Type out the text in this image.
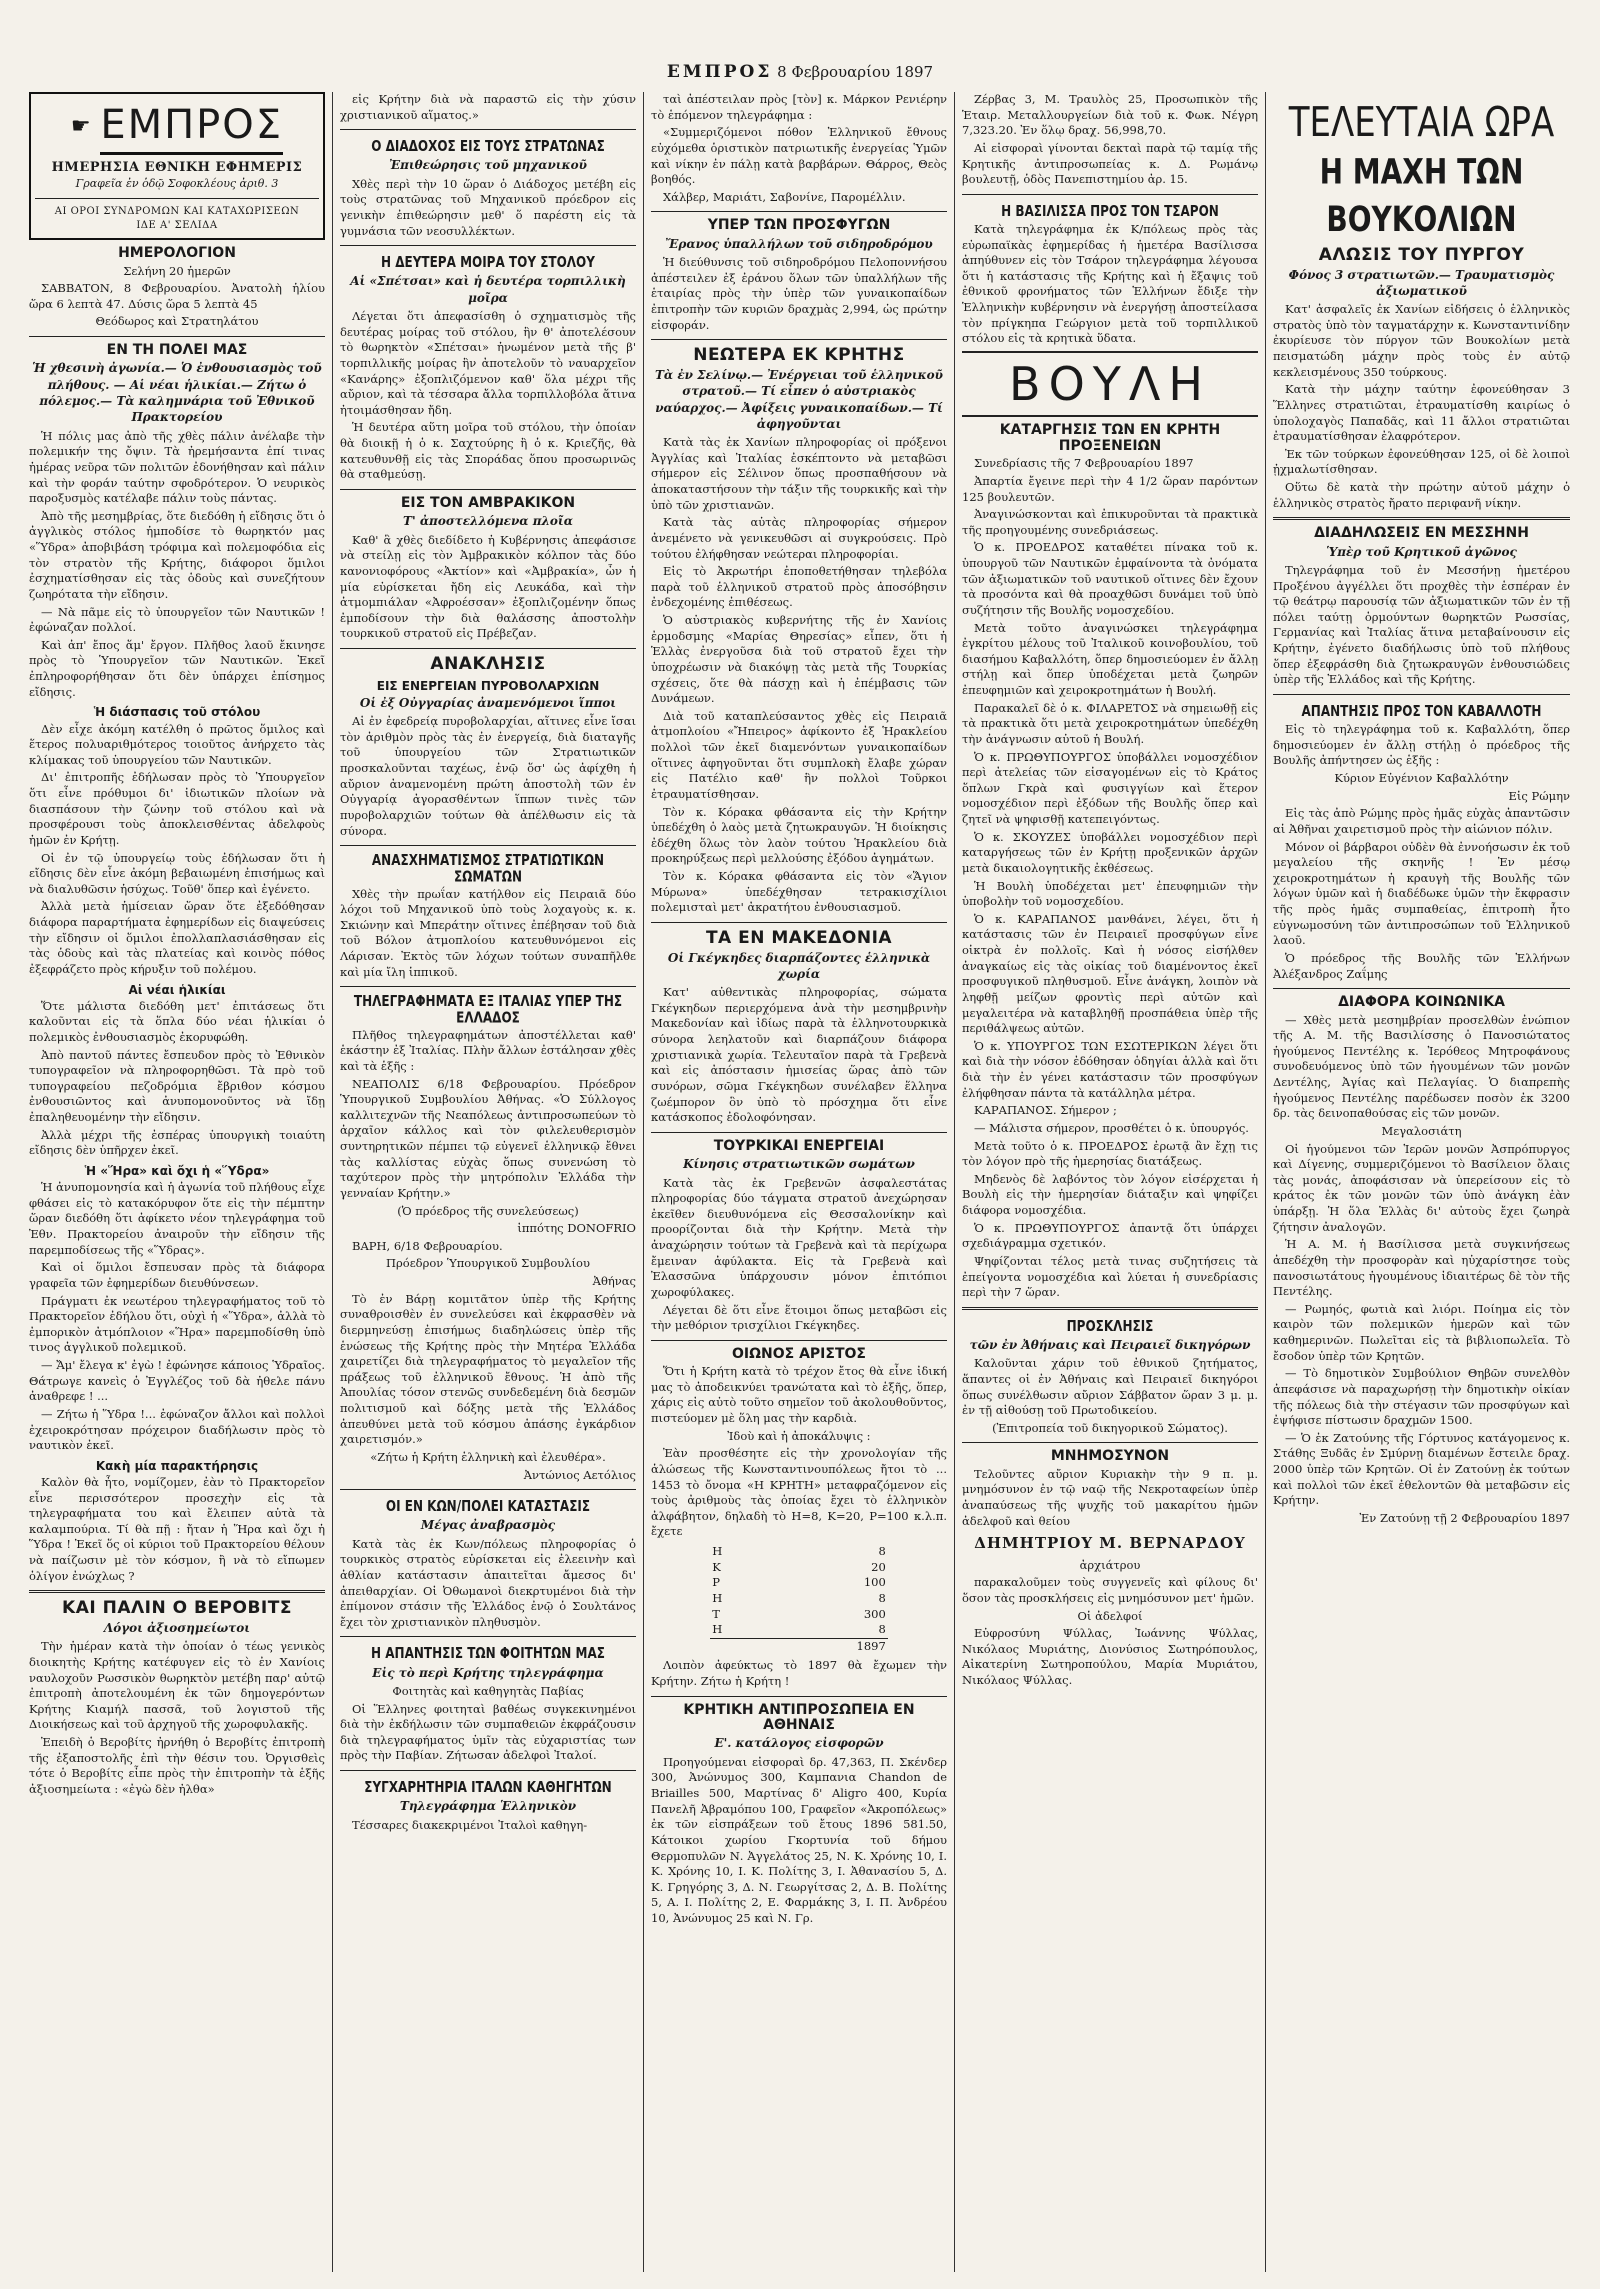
ΕΜΠΡΟΣ 8 Φεβρουαρίου 1897
☛ ΕΜΠΡΟΣ
ΗΜΕΡΗΣΙΑ ΕΘΝΙΚΗ ΕΦΗΜΕΡΙΣ
Γραφεῖα ἐν ὁδῷ Σοφοκλέους ἀριθ. 3
ΑΙ ΟΡΟΙ ΣΥΝΔΡΟΜΩΝ ΚΑΙ ΚΑΤΑΧΩΡΙΣΕΩΝ
ΙΔΕ Α' ΣΕΛΙΔΑ
ΗΜΕΡΟΛΟΓΙΟΝ

Σελήνη 20 ἡμερῶν

ΣΑΒΒΑΤΟΝ, 8 Φεβρουαρίου. Ἀνατολὴ ἡλίου ὥρα 6 λεπτὰ 47. Δύσις ὥρα 5 λεπτὰ 45

Θεόδωρος καὶ Στρατηλάτου

ΕΝ ΤΗ ΠΟΛΕΙ ΜΑΣ
Ἡ χθεσινὴ ἀγωνία.— Ὁ ἐνθουσιασμὸς τοῦ πλήθους. — Αἱ νέαι ἡλικίαι.— Ζήτω ὁ πόλεμος.— Τὰ καλημνάρια τοῦ Ἐθνικοῦ Πρακτορείου

Ἡ πόλις μας ἀπὸ τῆς χθὲς πάλιν ἀνέλαβε τὴν πολεμικήν της ὄψιν. Τὰ ἠρεμήσαντα ἐπί τινας ἡμέρας νεῦρα τῶν πολιτῶν ἐδονήθησαν καὶ πάλιν καὶ τὴν φοράν ταύτην σφοδρότερον. Ὁ νευρικὸς παροξυσμὸς κατέλαβε πάλιν τοὺς πάντας.

Ἀπὸ τῆς μεσημβρίας, ὅτε διεδόθη ἡ εἴδησις ὅτι ὁ ἀγγλικὸς στόλος ἠμποδίσε τὸ θωρηκτόν μας «Ὕδρα» ἀποβιβάση τρόφιμα καὶ πολεμοφόδια εἰς τὸν στρατὸν τῆς Κρήτης, διάφοροι ὅμιλοι ἐσχηματίσθησαν εἰς τὰς ὁδοὺς καὶ συνεζήτουν ζωηρότατα τὴν εἴδησιν.

— Νὰ πᾶμε εἰς τὸ ὑπουργεῖον τῶν Ναυτικῶν ! ἐφώναζαν πολλοί.

Καὶ ἀπ' ἔπος ἅμ' ἔργον. Πλῆθος λαοῦ ἔκινησε πρὸς τὸ Ὑπουργεῖον τῶν Ναυτικῶν. Ἐκεῖ ἐπληροφορήθησαν ὅτι δὲν ὑπάρχει ἐπίσημος εἴδησις.

Ἡ διάσπασις τοῦ στόλου

Δὲν εἶχε ἀκόμη κατέλθη ὁ πρῶτος ὅμιλος καὶ ἕτερος πολυαριθμότερος τοιοῦτος ἀνήρχετο τὰς κλίμακας τοῦ ὑπουργείου τῶν Ναυτικῶν.

Δι' ἐπιτροπῆς ἐδήλωσαν πρὸς τὸ Ὑπουργεῖον ὅτι εἶνε πρόθυμοι δι' ἰδιωτικῶν πλοίων νὰ διασπάσουν τὴν ζώνην τοῦ στόλου καὶ νὰ προσφέρουσι τοὺς ἀποκλεισθέντας ἀδελφοὺς ἡμῶν ἐν Κρήτῃ.

Οἱ ἐν τῷ ὑπουργείῳ τοὺς ἐδήλωσαν ὅτι ἡ εἴδησις δὲν εἶνε ἀκόμη βεβαιωμένη ἐπισήμως καὶ νὰ διαλυθῶσιν ἡσύχως. Τοῦθ' ὅπερ καὶ ἐγένετο.

Ἀλλὰ μετὰ ἡμίσειαν ὥραν ὅτε ἐξεδόθησαν διάφορα παραρτήματα ἐφημερίδων εἰς διαψεύσεις τὴν εἴδησιν οἱ ὅμιλοι ἐπολλαπλασιάσθησαν εἰς τὰς ὁδοὺς καὶ τὰς πλατείας καὶ κοινὸς πόθος ἐξεφράζετο πρὸς κήρυξιν τοῦ πολέμου.

Αἱ νέαι ἡλικίαι

Ὅτε μάλιστα διεδόθη μετ' ἐπιτάσεως ὅτι καλοῦνται εἰς τὰ ὅπλα δύο νέαι ἡλικίαι ὁ πολεμικὸς ἐνθουσιασμὸς ἐκορυφώθη.

Ἀπὸ παντοῦ πάντες ἔσπευδον πρὸς τὸ Ἐθνικὸν τυπογραφεῖον νὰ πληροφορηθῶσι. Τὰ πρὸ τοῦ τυπογραφείου πεζοδρόμια ἔβριθον κόσμου ἐνθουσιῶντος καὶ ἀνυπομονοῦντος νὰ ἴδῃ ἐπαληθευομένην τὴν εἴδησιν.

Ἀλλὰ μέχρι τῆς ἐσπέρας ὑπουργικὴ τοιαύτη εἴδησις δὲν ὑπῆρχεν ἐκεῖ.

Ἡ «Ἥρα» καὶ ὄχι ἡ «Ὕδρα»

Ἡ ἀνυπομονησία καὶ ἡ ἀγωνία τοῦ πλήθους εἶχε φθάσει εἰς τὸ κατακόρυφον ὅτε εἰς τὴν πέμπτην ὥραν διεδόθη ὅτι ἀφίκετο νέον τηλεγράφημα τοῦ Ἐθν. Πρακτορείου ἀναιροῦν τὴν εἴδησιν τῆς παρεμποδίσεως τῆς «Ὕδρας».

Καὶ οἱ ὅμιλοι ἔσπευσαν πρὸς τὰ διάφορα γραφεῖα τῶν ἐφημερίδων διευθύνσεων.

Πράγματι ἐκ νεωτέρου τηλεγραφήματος τοῦ τὸ Πρακτορεῖον ἐδήλου ὅτι, οὐχὶ ἡ «Ὕδρα», ἀλλὰ τὸ ἐμπορικὸν ἀτμόπλοιον «Ἥρα» παρεμποδίσθη ὑπὸ τινος ἀγγλικοῦ πολεμικοῦ.

— Ἄμ' ἔλεγα κ' ἐγὼ ! ἐφώνησε κάποιος Ὑδραῖος. Θάτρωγε κανεὶς ὁ Ἐγγλέζος τοῦ δὰ ἠθελε πάνυ ἀναθρεφε ! ...

— Ζήτω ἡ Ὕδρα !... ἐφώναζον ἄλλοι καὶ πολλοὶ ἐχειροκρότησαν πρόχειρον διαδήλωσιν πρὸς τὸ ναυτικὸν ἐκεῖ.

Κακὴ μία παρακτήρησις

Καλὸν θὰ ἦτο, νομίζομεν, ἐὰν τὸ Πρακτορεῖον εἶνε περισσότερον προσεχὴν εἰς τὰ τηλεγραφήματα του καὶ ἔλειπεν αὐτὰ τὰ καλαμπούρια. Τί θὰ πῇ : ἤταν ἡ Ἥρα καὶ ὄχι ἡ Ὕδρα ! Ἐκεῖ ὅς οἱ κύριοι τοῦ Πρακτορείου θέλουν νὰ παίζωσιν μὲ τὸν κόσμον, ἢ νὰ τὸ εἴπωμεν ὁλίγον ἐνώχλως ?

ΚΑΙ ΠΑΛΙΝ Ο ΒΕΡΟΒΙΤΣ
Λόγοι ἀξιοσημείωτοι

Τὴν ἡμέραν κατὰ τὴν ὁποίαν ὁ τέως γενικὸς διοικητὴς Κρήτης κατέφυγεν εἰς τὸ ἐν Χανίοις ναυλοχοῦν Ρωσσικὸν θωρηκτὸν μετέβη παρ' αὐτῷ ἐπιτροπὴ ἀποτελουμένη ἐκ τῶν δημογερόντων Κρήτης Κιαμήλ πασσᾶ, τοῦ λογιστοῦ τῆς Διοικήσεως καὶ τοῦ ἀρχηγοῦ τῆς χωροφυλακῆς.

Ἐπειδὴ ὁ Βεροβίτς ἠρνήθη ὁ Βεροβίτς ἐπιτροπὴ τῆς ἐξαποστολῆς ἐπὶ τὴν θέσιν του. Ὀργισθεὶς τότε ὁ Βεροβίτς εἶπε πρὸς τὴν ἐπιτροπὴν τὰ ἑξῆς ἀξιοσημείωτα : «ἐγὼ δὲν ἠλθα»

εἰς Κρήτην διὰ νὰ παραστῶ εἰς τὴν χύσιν χριστιανικοῦ αἵματος.»

Ο ΔΙΑΔΟΧΟΣ ΕΙΣ ΤΟΥΣ ΣΤΡΑΤΩΝΑΣ
Ἐπιθεώρησις τοῦ μηχανικοῦ

Χθὲς περὶ τὴν 10 ὥραν ὁ Διάδοχος μετέβη εἰς τοὺς στρατῶνας τοῦ Μηχανικοῦ πρόεδρον εἰς γενικὴν ἐπιθεώρησιν μεθ' ὅ παρέστη εἰς τὰ γυμνάσια τῶν νεοσυλλέκτων.

Η ΔΕΥΤΕΡΑ ΜΟΙΡΑ ΤΟΥ ΣΤΟΛΟΥ
Αἱ «Σπέτσαι» καὶ ἡ δευτέρα τορπιλλικὴ μοῖρα

Λέγεται ὅτι ἀπεφασίσθη ὁ σχηματισμὸς τῆς δευτέρας μοίρας τοῦ στόλου, ἣν θ' ἀποτελέσουν τὸ θωρηκτὸν «Σπέτσαι» ἡνωμένον μετὰ τῆς β' τορπιλλικῆς μοίρας ἣν ἀποτελοῦν τὸ ναυαρχεῖον «Κανάρης» ἐξοπλιζόμενον καθ' ὅλα μέχρι τῆς αὔριον, καὶ τὰ τέσσαρα ἄλλα τορπιλλοβόλα ἅτινα ἠτοιμάσθησαν ἤδη.

Ἡ δευτέρα αὕτη μοῖρα τοῦ στόλου, τὴν ὁποίαν θὰ διοικῇ ἡ ὁ κ. Σαχτούρης ἢ ὁ κ. Κριεζῆς, θὰ κατευθυνθῇ εἰς τὰς Σποράδας ὅπου προσωρινῶς θὰ σταθμεύσῃ.

ΕΙΣ ΤΟΝ ΑΜΒΡΑΚΙΚΟΝ
Τ' ἀποστελλόμενα πλοῖα

Καθ' ἃ χθὲς διεδίδετο ἡ Κυβέρνησις ἀπεφάσισε νὰ στείλῃ εἰς τὸν Ἀμβρακικὸν κόλπον τὰς δύο κανονιοφόρους «Ἀκτίον» καὶ «Ἀμβρακία», ὧν ἡ μία εὑρίσκεται ἤδη εἰς Λευκάδα, καὶ τὴν ἀτμομπιάλαν «Ἀφροέσσαν» ἐξοπλιζομένην ὅπως ἐμποδίσουν τὴν διὰ θαλάσσης ἀποστολὴν τουρκικοῦ στρατοῦ εἰς Πρέβεζαν.

ΑΝΑΚΛΗΣΙΣ
ΕΙΣ ΕΝΕΡΓΕΙΑΝ ΠΥΡΟΒΟΛΑΡΧΙΩΝ
Οἱ ἐξ Οὐγγαρίας ἀναμενόμενοι ἵπποι

Αἱ ἐν ἐφεδρείᾳ πυροβολαρχίαι, αἵτινες εἶνε ἴσαι τὸν ἀριθμὸν πρὸς τὰς ἐν ἐνεργείᾳ, διὰ διαταγῆς τοῦ ὑπουργείου τῶν Στρατιωτικῶν προσκαλοῦνται ταχέως, ἐνῷ ὅσ' ὡς ἀφίχθη ἡ αὔριον ἀναμενομένη πρώτη ἀποστολὴ τῶν ἐν Οὐγγαρίᾳ ἀγορασθέντων ἵππων τινὲς τῶν πυροβολαρχιῶν τούτων θὰ ἀπέλθωσιν εἰς τὰ σύνορα.

ΑΝΑΣΧΗΜΑΤΙΣΜΟΣ ΣΤΡΑΤΙΩΤΙΚΩΝ ΣΩΜΑΤΩΝ

Χθὲς τὴν πρωΐαν κατήλθον εἰς Πειραιᾶ δύο λόχοι τοῦ Μηχανικοῦ ὑπὸ τοὺς λοχαγοὺς κ. κ. Σκιώνην καὶ Μπεράτην οἵτινες ἐπέβησαν τοῦ διὰ τοῦ Βόλον ἀτμοπλοίου κατευθυνόμενοι εἰς Λάρισαν. Ἐκτὸς τῶν λόχων τούτων συναπῆλθε καὶ μία ἴλη ἱππικοῦ.

ΤΗΛΕΓΡΑΦΗΜΑΤΑ ΕΞ ΙΤΑΛΙΑΣ ΥΠΕΡ ΤΗΣ ΕΛΛΑΔΟΣ

Πλῆθος τηλεγραφημάτων ἀποστέλλεται καθ' ἑκάστην ἐξ Ἰταλίας. Πλὴν ἄλλων ἐστάλησαν χθὲς καὶ τὰ ἑξῆς :

ΝΕΑΠΟΛΙΣ 6/18 Φεβρουαρίου. Πρόεδρον Ὑπουργικοῦ Συμβουλίου Ἀθήνας. «Ὁ Σύλλογος καλλιτεχνῶν τῆς Νεαπόλεως ἀντιπροσωπεύων τὸ ἀρχαῖον κάλλος καὶ τὸν φιλελευθερισμὸν συντηρητικῶν πέμπει τῷ εὐγενεῖ ἑλληνικῷ ἔθνει τὰς καλλίστας εὐχὰς ὅπως συνενώση τὸ ταχύτερον πρὸς τὴν μητρόπολιν Ἑλλάδα τὴν γενναίαν Κρήτην.»

(Ὁ πρόεδρος τῆς συνελεύσεως)

ἱππότης DONOFRIO

ΒΑΡΗ, 6/18 Φεβρουαρίου.

Πρόεδρον Ὑπουργικοῦ Συμβουλίου

Ἀθήνας

Τὸ ἐν Βάρῃ κομιτᾶτον ὑπὲρ τῆς Κρήτης συναθροισθὲν ἐν συνελεύσει καὶ ἐκφρασθὲν νὰ διερμηνεύσῃ ἐπισήμως διαδηλώσεις ὑπὲρ τῆς ἑνώσεως τῆς Κρήτης πρὸς τὴν Μητέρα Ἑλλάδα χαιρετίζει διὰ τηλεγραφήματος τὸ μεγαλεῖον τῆς πράξεως τοῦ ἐλληνικοῦ ἔθνους. Ἡ ἀπὸ τῆς Ἀπουλίας τόσον στενῶς συνδεδεμένη διὰ δεσμῶν πολιτισμοῦ καὶ δόξης μετὰ τῆς Ἑλλάδος ἀπευθύνει μετὰ τοῦ κόσμου ἁπάσης ἐγκάρδιον χαιρετισμόν.»

«Ζήτω ἡ Κρήτη ἑλληνικὴ καὶ ἐλευθέρα».

Ἀντώνιος Αετόλιος

ΟΙ ΕΝ ΚΩΝ/ΠΟΛΕΙ ΚΑΤΑΣΤΑΣΙΣ
Μέγας ἀναβρασμὸς

Κατὰ τὰς ἐκ Κων/πόλεως πληροφορίας ὁ τουρκικὸς στρατὸς εὑρίσκεται εἰς ἐλεεινὴν καὶ ἀθλίαν κατάστασιν ἀπαιτεῖται ἄμεσος δι' ἀπειθαρχίαν. Οἱ Ὀθωμανοὶ διεκρτυμένοι διὰ τὴν ἐπίμονον στάσιν τῆς Ἑλλάδος ἐνῷ ὁ Σουλτάνος ἔχει τὸν χριστιανικὸν πληθυσμὸν.

Η ΑΠΑΝΤΗΣΙΣ ΤΩΝ ΦΟΙΤΗΤΩΝ ΜΑΣ
Εἰς τὸ περὶ Κρήτης τηλεγράφημα

Φοιτητὰς καὶ καθηγητὰς Παβίας

Οἱ Ἕλληνες φοιτηταὶ βαθέως συγκεκινημένοι διὰ τὴν ἐκδήλωσιν τῶν συμπαθειῶν ἐκφράζουσιν διὰ τηλεγραφήματος ὑμῖν τὰς εὐχαριστίας των πρὸς τὴν Παβίαν. Ζήτωσαν ἀδελφοὶ Ἰταλοί.

ΣΥΓΧΑΡΗΤΗΡΙΑ ΙΤΑΛΩΝ ΚΑΘΗΓΗΤΩΝ
Τηλεγράφημα Ἑλληνικὸν

Τέσσαρες διακεκριμένοι Ἰταλοὶ καθηγη-

ταὶ ἀπέστειλαν πρὸς [τὸν] κ. Μάρκον Ρενιέρην τὸ ἑπόμενον τηλεγράφημα :

«Συμμεριζόμενοι πόθον Ἑλληνικοῦ ἔθνους εὐχόμεθα ὁριστικὸν πατριωτικῆς ἐνεργείας Ὑμῶν καὶ νίκην ἐν πάλῃ κατὰ βαρβάρων. Θάρρος, Θεὸς βοηθός.

Χάλβερ, Μαριάτι, Σαβονίνε, Παρομέλλιν.

ΥΠΕΡ ΤΩΝ ΠΡΟΣΦΥΓΩΝ
Ἔρανος ὑπαλλήλων τοῦ σιδηροδρόμου

Ἡ διεύθυνσις τοῦ σιδηροδρόμου Πελοποννήσου ἀπέστειλεν ἐξ ἐράνου ὅλων τῶν ὑπαλλήλων τῆς ἑταιρίας πρὸς τὴν ὑπὲρ τῶν γυναικοπαίδων ἐπιτροπὴν τῶν κυριῶν δραχμὰς 2,994, ὡς πρώτην εἰσφοράν.

ΝΕΩΤΕΡΑ ΕΚ ΚΡΗΤΗΣ
Τὰ ἐν Σελίνῳ.— Ἐνέργειαι τοῦ ἑλληνικοῦ στρατοῦ.— Τί εἶπεν ὁ αὐστριακὸς ναύαρχος.— Ἀφίξεις γυναικοπαίδων.— Τί ἀφηγοῦνται

Κατὰ τὰς ἐκ Χανίων πληροφορίας οἱ πρόξενοι Ἀγγλίας καὶ Ἰταλίας ἐσκέπτοντο νὰ μεταβῶσι σήμερον εἰς Σέλινον ὅπως προσπαθήσουν νὰ ἀποκαταστήσουν τὴν τάξιν τῆς τουρκικῆς καὶ τὴν ὑπὸ τῶν χριστιανῶν.

Κατὰ τὰς αὐτὰς πληροφορίας σήμερον ἀνεμένετο νὰ γενικευθῶσι αἱ συγκρούσεις. Πρὸ τούτου ἐλήφθησαν νεώτεραι πληροφορίαι.

Εἰς τὸ Ἀκρωτήρι ἐποποθετήθησαν τηλεβόλα παρὰ τοῦ ἑλληνικοῦ στρατοῦ πρὸς ἀποσόβησιν ἐνδεχομένης ἐπιθέσεως.

Ὁ αὐστριακὸς κυβερνήτης τῆς ἐν Χανίοις ἐρμοδσμης «Μαρίας Θηρεσίας» εἶπεν, ὅτι ἡ Ἑλλὰς ἐνεργοῦσα διὰ τοῦ στρατοῦ ἔχει τὴν ὑποχρέωσιν νὰ διακόψῃ τὰς μετὰ τῆς Τουρκίας σχέσεις, ὅτε θὰ πάσχῃ καὶ ἡ ἐπέμβασις τῶν Δυνάμεων.

Διὰ τοῦ καταπλεύσαντος χθὲς εἰς Πειραιᾶ ἀτμοπλοίου «Ἤπειρος» ἀφίκοντο ἐξ Ἡρακλείου πολλοὶ τῶν ἐκεῖ διαμενόντων γυναικοπαίδων οἵτινες ἀφηγοῦνται ὅτι συμπλοκὴ ἔλαβε χώραν εἰς Πατέλιο καθ' ἣν πολλοὶ Τοῦρκοι ἐτραυματίσθησαν.

Τὸν κ. Κόρακα φθάσαντα εἰς τὴν Κρήτην ὑπεδέχθη ὁ λαὸς μετὰ ζητωκραυγῶν. Ἡ διοίκησις ἐδέχθη ὅλως τὸν λαὸν τούτου Ἡρακλείου διὰ προκηρύξεως περὶ μελλούσης ἐξόδου ἀγημάτων.

Τὸν κ. Κόρακα φθάσαντα εἰς τὸν «Ἅγιον Μύρωνα» ὑπεδέχθησαν τετρακισχίλιοι πολεμισταὶ μετ' ἀκρατήτου ἐνθουσιασμοῦ.

ΤΑ ΕΝ ΜΑΚΕΔΟΝΙΑ
Οἱ Γκέγκηδες διαρπάζοντες ἑλληνικὰ χωρία

Κατ' αὐθεντικὰς πληροφορίας, σώματα Γκέγκηδων περιερχόμενα ἀνὰ τὴν μεσημβρινὴν Μακεδονίαν καὶ ἰδίως παρὰ τὰ ἑλληνοτουρκικὰ σύνορα λεηλατοῦν καὶ διαρπάζουν διάφορα χριστιανικὰ χωρία. Τελευταῖον παρὰ τὰ Γρεβενὰ καὶ εἰς ἀπόστασιν ἡμισείας ὥρας ἀπὸ τῶν συνόρων, σῶμα Γκέγκηδων συνέλαβεν ἕλληνα ζωέμπορον ὃν ὑπὸ τὸ πρόσχημα ὅτι εἶνε κατάσκοπος ἐδολοφόνησαν.

ΤΟΥΡΚΙΚΑΙ ΕΝΕΡΓΕΙΑΙ
Κίνησις στρατιωτικῶν σωμάτων

Κατὰ τὰς ἐκ Γρεβενῶν ἀσφαλεστάτας πληροφορίας δύο τάγματα στρατοῦ ἀνεχώρησαν ἐκεῖθεν διευθυνόμενα εἰς Θεσσαλονίκην καὶ προορίζονται διὰ τὴν Κρήτην. Μετὰ τὴν ἀναχώρησιν τούτων τὰ Γρεβενὰ καὶ τὰ περίχωρα ἔμειναν ἀφύλακτα. Εἰς τὰ Γρεβενὰ καὶ Ἐλασσῶνα ὑπάρχουσιν μόνον ἐπιτόπιοι χωροφύλακες.

Λέγεται δὲ ὅτι εἶνε ἕτοιμοι ὅπως μεταβῶσι εἰς τὴν μεθόριον τρισχίλιοι Γκέγκηδες.

ΟΙΩΝΟΣ ΑΡΙΣΤΟΣ

Ὅτι ἡ Κρήτη κατὰ τὸ τρέχον ἔτος θὰ εἶνε ἰδική μας τὸ ἀποδεικνύει τρανώτατα καὶ τὸ ἑξῆς, ὅπερ, χάρις εἰς αὐτὸ τοῦτο σημεῖον τοῦ ἀκολουθοῦντος, πιστεύομεν μὲ ὅλη μας τὴν καρδιὰ.

Ἰδοὺ καὶ ἡ ἀποκάλυψις :

Ἐὰν προσθέσητε εἰς τὴν χρονολογίαν τῆς ἁλώσεως τῆς Κωνσταντινουπόλεως ἤτοι τὸ ... 1453 τὸ ὄνομα «Η ΚΡΗΤΗ» μεταφραζόμενον εἰς τοὺς ἀριθμοὺς τὰς ὁποίας ἔχει τὸ ἑλληνικὸν ἀλφάβητον, δηλαδὴ τὸ Η=8, Κ=20, Ρ=100 κ.λ.π. ἔχετε

Η	8
Κ	20
Ρ	100
Η	8
Τ	300
Η	8
	1897

Λοιπὸν ἀφεύκτως τὸ 1897 θὰ ἔχωμεν τὴν Κρήτην. Ζήτω ἡ Κρήτη !

ΚΡΗΤΙΚΗ ΑΝΤΙΠΡΟΣΩΠΕΙΑ ΕΝ ΑΘΗΝΑΙΣ
Ε'. κατάλογος εἰσφορῶν

Προηγούμεναι εἰσφοραὶ δρ. 47,363, Π. Σκένδερ 300, Ἀνώνυμος 300, Καμπανια Chandon de Briailles 500, Μαρτίνας δ' Aligro 400, Κυρία Πανελῆ Ἀβραμόπου 100, Γραφεῖον «Ἀκροπόλεως» ἐκ τῶν εἰσπράξεων τοῦ ἔτους 1896 581.50, Κάτοικοι χωρίου Γκορτυνία τοῦ δήμου Θερμοπυλῶν Ν. Ἀγγελάτος 25, Ν. Κ. Χρόνης 10, Ι. Κ. Χρόνης 10, Ι. Κ. Πολίτης 3, Ι. Ἀθανασίου 5, Δ. Κ. Γρηγόρης 3, Δ. Ν. Γεωργίτσας 2, Δ. Β. Πολίτης 5, Α. Ι. Πολίτης 2, Ε. Φαρμάκης 3, Ι. Π. Ἀνδρέου 10, Ἀνώνυμος 25 καὶ Ν. Γρ.

Ζέρβας 3, Μ. Τραυλὸς 25, Προσωπικὸν τῆς Ἑταιρ. Μεταλλουργείων διὰ τοῦ κ. Φωκ. Νέγρη 7,323.20. Ἐν ὅλῳ δραχ. 56,998,70.

Αἱ εἰσφοραὶ γίνονται δεκταὶ παρὰ τῷ ταμίᾳ τῆς Κρητικῆς ἀντιπροσωπείας κ. Δ. Ρωμάνῳ βουλευτῇ, ὁδὸς Πανεπιστημίου ἀρ. 15.

Η ΒΑΣΙΛΙΣΣΑ ΠΡΟΣ ΤΟΝ ΤΣΑΡΟΝ

Κατὰ τηλεγράφημα ἐκ Κ/πόλεως πρὸς τὰς εὐρωπαϊκὰς ἐφημερίδας ἡ ἡμετέρα Βασίλισσα ἀπηύθυνεν εἰς τὸν Τσάρον τηλεγράφημα λέγουσα ὅτι ἡ κατάστασις τῆς Κρήτης καὶ ἡ ἔξαψις τοῦ ἐθνικοῦ φρονήματος τῶν Ἑλλήνων ἔδιξε τὴν Ἑλληνικὴν κυβέρνησιν νὰ ἐνεργήσῃ ἀποστείλασα τὸν πρίγκηπα Γεώργιον μετὰ τοῦ τορπιλλικοῦ στόλου εἰς τὰ κρητικὰ ὕδατα.

ΒΟΥΛΗ
ΚΑΤΑΡΓΗΣΙΣ ΤΩΝ ΕΝ ΚΡΗΤΗ ΠΡΟΞΕΝΕΙΩΝ

Συνεδρίασις τῆς 7 Φεβρουαρίου 1897

Ἀπαρτία ἔγεινε περὶ τὴν 4 1/2 ὥραν παρόντων 125 βουλευτῶν.

Ἀναγινώσκονται καὶ ἐπικυροῦνται τὰ πρακτικὰ τῆς προηγουμένης συνεδριάσεως.

Ὁ κ. ΠΡΟΕΔΡΟΣ καταθέτει πίνακα τοῦ κ. ὑπουργοῦ τῶν Ναυτικῶν ἐμφαίνοντα τὰ ὀνόματα τῶν ἀξιωματικῶν τοῦ ναυτικοῦ οἵτινες δὲν ἔχουν τὰ προσόντα καὶ θὰ προαχθῶσι δυνάμει τοῦ ὑπὸ συζήτησιν τῆς Βουλῆς νομοσχεδίου.

Μετὰ τοῦτο ἀναγινώσκει τηλεγράφημα ἐγκρίτου μέλους τοῦ Ἰταλικοῦ κοινοβουλίου, τοῦ διασήμου Καβαλλότη, ὅπερ δημοσιεύομεν ἐν ἄλλῃ στήλῃ καὶ ὅπερ ὑποδέχεται μετὰ ζωηρῶν ἐπευφημιῶν καὶ χειροκροτημάτων ἡ Βουλή.

Παρακαλεῖ δὲ ὁ κ. ΦΙΛΑΡΕΤΟΣ νὰ σημειωθῇ εἰς τὰ πρακτικὰ ὅτι μετὰ χειροκροτημάτων ὑπεδέχθη τὴν ἀνάγνωσιν αὐτοῦ ἡ Βουλή.

Ὁ κ. ΠΡΩΘΥΠΟΥΡΓΟΣ ὑποβάλλει νομοσχέδιον περὶ ἀτελείας τῶν εἰσαγομένων εἰς τὸ Κράτος ὅπλων Γκρὰ καὶ φυσιγγίων καὶ ἕτερον νομοσχέδιον περὶ ἐξόδων τῆς Βουλῆς ὅπερ καὶ ζητεῖ νὰ ψηφισθῇ κατεπειγόντως.

Ὁ κ. ΣΚΟΥΖΕΣ ὑποβάλλει νομοσχέδιον περὶ καταργήσεως τῶν ἐν Κρήτῃ προξενικῶν ἀρχῶν μετὰ δικαιολογητικῆς ἐκθέσεως.

Ἡ Βουλὴ ὑποδέχεται μετ' ἐπευφημιῶν τὴν ὑποβολὴν τοῦ νομοσχεδίου.

Ὁ κ. ΚΑΡΑΠΑΝΟΣ μανθάνει, λέγει, ὅτι ἡ κατάστασις τῶν ἐν Πειραιεῖ προσφύγων εἶνε οἰκτρὰ ἐν πολλοῖς. Καὶ ἡ νόσος εἰσήλθεν ἀναγκαίως εἰς τὰς οἰκίας τοῦ διαμένοντος ἐκεῖ προσφυγικοῦ πληθυσμοῦ. Εἶνε ἀνάγκη, λοιπὸν νὰ ληφθῇ μείζων φροντὶς περὶ αὐτῶν καὶ μεγαλειτέρα νὰ καταβληθῇ προσπάθεια ὑπὲρ τῆς περιθάλψεως αὐτῶν.

Ὁ κ. ΥΠΟΥΡΓΟΣ ΤΩΝ ΕΣΩΤΕΡΙΚΩΝ λέγει ὅτι καὶ διὰ τὴν νόσον ἐδόθησαν ὁδηγίαι ἀλλὰ καὶ ὅτι διὰ τὴν ἐν γένει κατάστασιν τῶν προσφύγων ἐλήφθησαν πάντα τὰ κατάλληλα μέτρα.

ΚΑΡΑΠΑΝΟΣ. Σήμερον ;

— Μάλιστα σήμερον, προσθέτει ὁ κ. ὑπουργός.

Μετὰ τοῦτο ὁ κ. ΠΡΟΕΔΡΟΣ ἐρωτᾷ ἂν ἔχῃ τις τὸν λόγον πρὸ τῆς ἡμερησίας διατάξεως.

Μηδενὸς δὲ λαβόντος τὸν λόγον εἰσέρχεται ἡ Βουλὴ εἰς τὴν ἡμερησίαν διάταξιν καὶ ψηφίζει διάφορα νομοσχέδια.

Ὁ κ. ΠΡΩΘΥΠΟΥΡΓΟΣ ἀπαντᾷ ὅτι ὑπάρχει σχεδιάγραμμα σχετικόν.

Ψηφίζονται τέλος μετὰ τινας συζητήσεις τὰ ἐπείγοντα νομοσχέδια καὶ λύεται ἡ συνεδρίασις περὶ τὴν 7 ὥραν.

ΠΡΟΣΚΛΗΣΙΣ
τῶν ἐν Ἀθήναις καὶ Πειραιεῖ δικηγόρων

Καλοῦνται χάριν τοῦ ἐθνικοῦ ζητήματος, ἅπαντες οἱ ἐν Ἀθήναις καὶ Πειραιεῖ δικηγόροι ὅπως συνέλθωσιν αὔριον Σάββατον ὥραν 3 μ. μ. ἐν τῇ αἰθούσῃ τοῦ Πρωτοδικείου.

(Ἐπιτροπεία τοῦ δικηγορικοῦ Σώματος).

ΜΝΗΜΟΣΥΝΟΝ

Τελοῦντες αὔριον Κυριακὴν τὴν 9 π. μ. μνημόσυνον ἐν τῷ ναῷ τῆς Νεκροταφείων ὑπὲρ ἀναπαύσεως τῆς ψυχῆς τοῦ μακαρίτου ἡμῶν ἀδελφοῦ καὶ θείου

ΔΗΜΗΤΡΙΟΥ Μ. ΒΕΡΝΑΡΔΟΥ

ἀρχιάτρου

παρακαλοῦμεν τοὺς συγγενεῖς καὶ φίλους δι' ὅσον τὰς προσκλήσεις εἰς μνημόσυνον μετ' ἡμῶν.

Οἱ ἀδελφοί

Εὐφροσύνη Ψύλλας, Ἰωάννης Ψύλλας, Νικόλαος Μυριάτης, Διονύσιος Σωτηρόπουλος, Αἰκατερίνη Σωτηροπούλου, Μαρία Μυριάτου, Νικόλαος Ψύλλας.

ΤΕΛΕΥΤΑΙΑ ΩΡΑ
Η ΜΑΧΗ ΤΩΝ ΒΟΥΚΟΛΙΩΝ
ΑΛΩΣΙΣ ΤΟΥ ΠΥΡΓΟΥ
Φόνος 3 στρατιωτῶν.— Τραυματισμὸς ἀξιωματικοῦ

Κατ' ἀσφαλεῖς ἐκ Χανίων εἰδήσεις ὁ ἑλληνικὸς στρατὸς ὑπὸ τὸν ταγματάρχην κ. Κωνσταντινίδην ἐκυρίευσε τὸν πύργον τῶν Βουκολίων μετὰ πεισματώδη μάχην πρὸς τοὺς ἐν αὐτῷ κεκλεισμένους 350 τούρκους.

Κατὰ τὴν μάχην ταύτην ἐφονεύθησαν 3 Ἕλληνες στρατιῶται, ἐτραυματίσθη καιρίως ὁ ὑπολοχαγὸς Παπαδᾶς, καὶ 11 ἄλλοι στρατιῶται ἐτραυματίσθησαν ἐλαφρότερον.

Ἐκ τῶν τούρκων ἐφονεύθησαν 125, οἱ δὲ λοιποὶ ᾐχμαλωτίσθησαν.

Οὕτω δὲ κατὰ τὴν πρώτην αὐτοῦ μάχην ὁ ἑλληνικὸς στρατὸς ἤρατο περιφανῆ νίκην.

ΔΙΑΔΗΛΩΣΕΙΣ ΕΝ ΜΕΣΣΗΝΗ
Ὑπὲρ τοῦ Κρητικοῦ ἀγῶνος

Τηλεγράφημα τοῦ ἐν Μεσσήνῃ ἡμετέρου Προξένου ἀγγέλλει ὅτι προχθὲς τὴν ἑσπέραν ἐν τῷ θεάτρῳ παρουσίᾳ τῶν ἀξιωματικῶν τῶν ἐν τῇ πόλει ταύτῃ ὁρμούντων θωρηκτῶν Ρωσσίας, Γερμανίας καὶ Ἰταλίας ἅτινα μεταβαίνουσιν εἰς Κρήτην, ἐγένετο διαδήλωσις ὑπὸ τοῦ πλήθους ὅπερ ἐξεφράσθη διὰ ζητωκραυγῶν ἐνθουσιώδεις ὑπὲρ τῆς Ἑλλάδος καὶ τῆς Κρήτης.

ΑΠΑΝΤΗΣΙΣ ΠΡΟΣ ΤΟΝ ΚΑΒΑΛΛΟΤΗ

Εἰς τὸ τηλεγράφημα τοῦ κ. Καβαλλότη, ὅπερ δημοσιεύομεν ἐν ἄλλῃ στήλῃ ὁ πρόεδρος τῆς Βουλῆς ἀπήντησεν ὡς ἑξῆς :

Κύριον Εὐγένιον Καβαλλότην

Εἰς Ρώμην

Εἰς τὰς ἀπὸ Ρώμης πρὸς ἡμᾶς εὐχὰς ἀπαντῶσιν αἱ Ἀθῆναι χαιρετισμοῦ πρὸς τὴν αἰώνιον πόλιν.

Μόνον οἱ βάρβαροι οὐδὲν θὰ ἐννοήσωσιν ἐκ τοῦ μεγαλείου τῆς σκηνῆς ! Ἐν μέσῳ χειροκροτημάτων ἡ κραυγὴ τῆς Βουλῆς τῶν λόγων ὑμῶν καὶ ἡ διαδέδωκε ὑμῶν τὴν ἔκφρασιν τῆς πρὸς ἡμᾶς συμπαθείας, ἐπιτροπὴ ἦτο εὐγνωμοσύνη τῶν ἀντιπροσώπων τοῦ Ἑλληνικοῦ λαοῦ.

Ὁ πρόεδρος τῆς Βουλῆς τῶν Ἑλλήνων Ἀλέξανδρος Ζαΐμης

ΔΙΑΦΟΡΑ ΚΟΙΝΩΝΙΚΑ

— Χθὲς μετὰ μεσημβρίαν προσελθὼν ἐνώπιον τῆς Α. Μ. τῆς Βασιλίσσης ὁ Πανοσιώτατος ἡγούμενος Πεντέλης κ. Ἱερόθεος Μητροφάνους συνοδευόμενος ὑπὸ τῶν ἡγουμένων τῶν μονῶν Δεντέλης, Ἀγίας καὶ Πελαγίας. Ὁ διαπρεπὴς ἡγούμενος Πεντέλης παρέδωσεν ποσὸν ἐκ 3200 δρ. τὰς δεινοπαθούσας εἰς τῶν μονῶν.

Μεγαλοσιάτη

Οἱ ἡγούμενοι τῶν Ἱερῶν μονῶν Ἀσπρόπυργος καὶ Δίγενης, συμμεριζόμενοι τὸ Βασίλειον ὅλαις τὰς μονάς, ἀποφάσισαν νὰ ὑπερείσουν εἰς τὸ κράτος ἐκ τῶν μονῶν τῶν ὑπὸ ἀνάγκη ἐὰν ὑπάρξῃ. Ἡ ὅλα Ἑλλὰς δι' αὐτοὺς ἔχει ζωηρὰ ζήτησιν ἀναλογῶν.

Ἡ Α. Μ. ἡ Βασίλισσα μετὰ συγκινήσεως ἀπεδέχθη τὴν προσφορὰν καὶ ηὐχαρίστησε τοὺς πανοσιωτάτους ἡγουμένους ἰδιαιτέρως δὲ τὸν τῆς Πεντέλης.

— Ρωμηός, φωτιὰ καὶ λιόρι. Ποίημα εἰς τὸν καιρὸν τῶν πολεμικῶν ἡμερῶν καὶ τῶν καθημερινῶν. Πωλεῖται εἰς τὰ βιβλιοπωλεῖα. Τὸ ἔσοδον ὑπὲρ τῶν Κρητῶν.

— Τὸ δημοτικὸν Συμβούλιον Θηβῶν συνελθὸν ἀπεφάσισε νὰ παραχωρήσῃ τὴν δημοτικὴν οἰκίαν τῆς πόλεως διὰ τὴν στέγασιν τῶν προσφύγων καὶ ἐψήφισε πίστωσιν δραχμῶν 1500.

— Ὁ ἐκ Ζατούνης τῆς Γόρτυνος κατάγομενος κ. Στάθης Ξυδᾶς ἐν Σμύρνῃ διαμένων ἔστειλε δραχ. 2000 ὑπὲρ τῶν Κρητῶν. Οἱ ἐν Ζατούνῃ ἐκ τούτων καὶ πολλοὶ τῶν ἐκεῖ ἐθελοντῶν θὰ μεταβῶσιν εἰς Κρήτην.

Ἐν Ζατούνῃ τῇ 2 Φεβρουαρίου 1897
